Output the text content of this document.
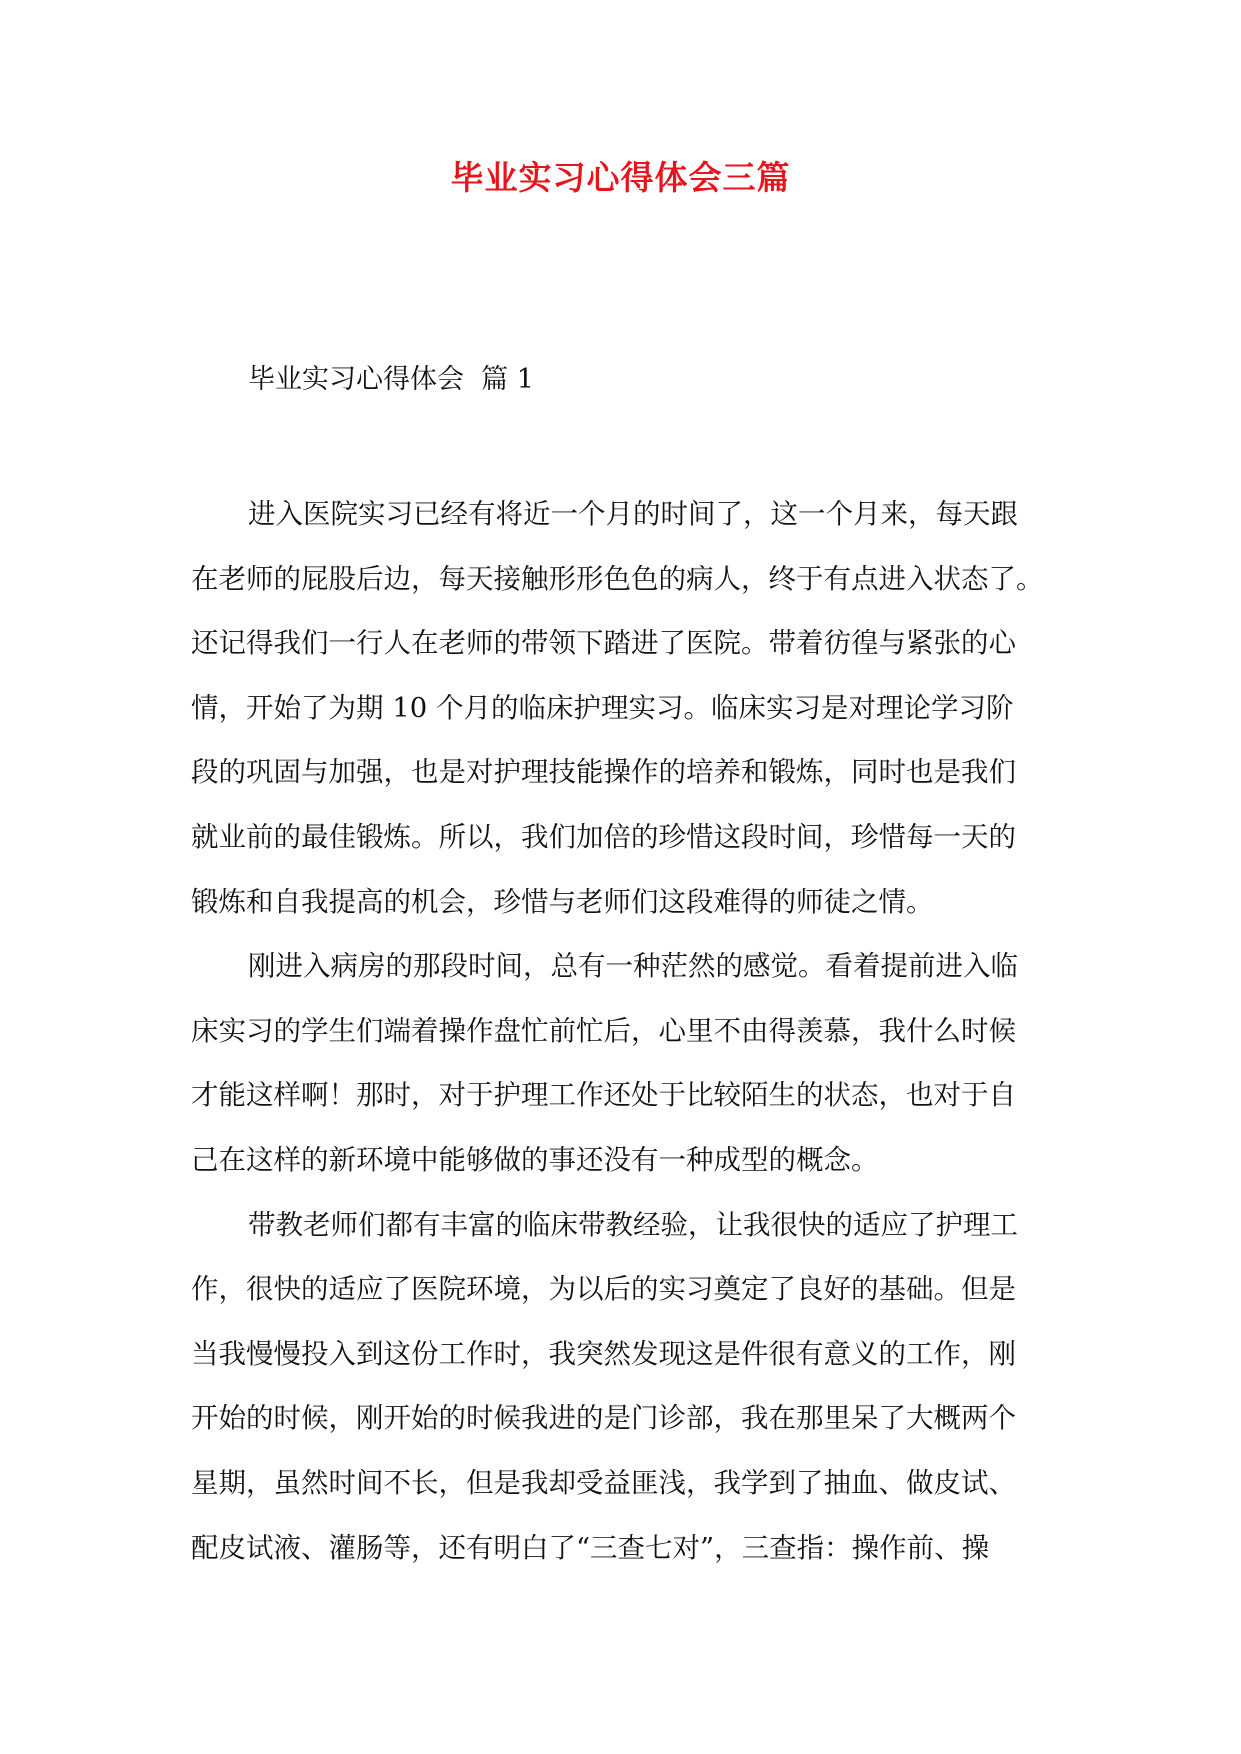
毕业实习心得体会三篇
毕业实习心得体会  篇 1
进入医院实习已经有将近一个月的时间了，这一个月来，每天跟
在老师的屁股后边，每天接触形形色色的病人，终于有点进入状态了。
还记得我们一行人在老师的带领下踏进了医院。带着彷徨与紧张的心
情，开始了为期 10 个月的临床护理实习。临床实习是对理论学习阶
段的巩固与加强，也是对护理技能操作的培养和锻炼，同时也是我们
就业前的最佳锻炼。所以，我们加倍的珍惜这段时间，珍惜每一天的
锻炼和自我提高的机会，珍惜与老师们这段难得的师徒之情。
刚进入病房的那段时间，总有一种茫然的感觉。看着提前进入临
床实习的学生们端着操作盘忙前忙后，心里不由得羡慕，我什么时候
才能这样啊！那时，对于护理工作还处于比较陌生的状态，也对于自
己在这样的新环境中能够做的事还没有一种成型的概念。
带教老师们都有丰富的临床带教经验，让我很快的适应了护理工
作，很快的适应了医院环境，为以后的实习奠定了良好的基础。但是
当我慢慢投入到这份工作时，我突然发现这是件很有意义的工作，刚
开始的时候，刚开始的时候我进的是门诊部，我在那里呆了大概两个
星期，虽然时间不长，但是我却受益匪浅，我学到了抽血、做皮试、
配皮试液、灌肠等，还有明白了“三查七对”，三查指：操作前、操
